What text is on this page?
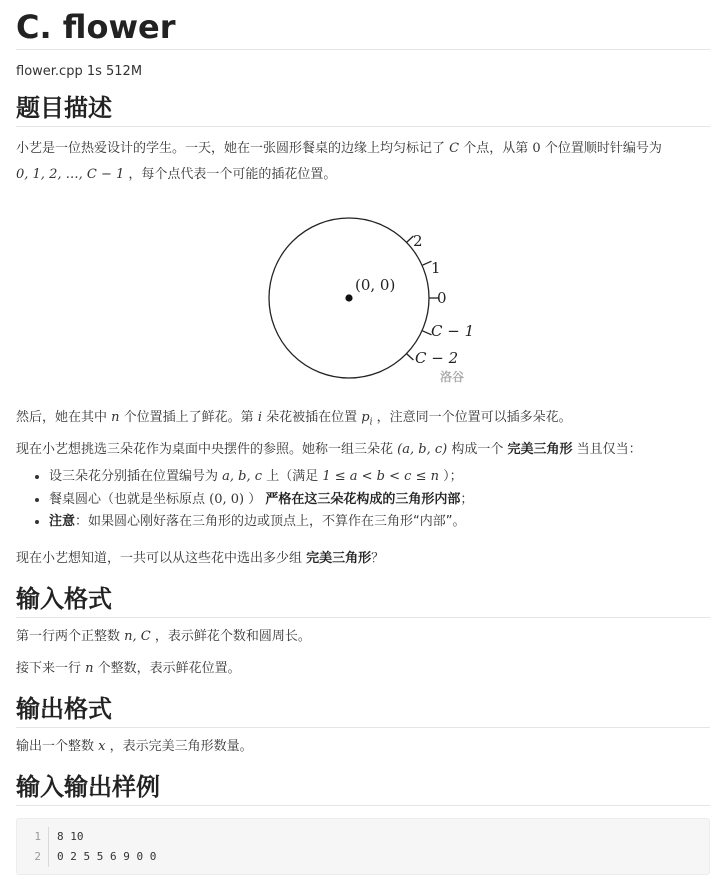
C. flower
flower.cpp 1s 512M
题目描述

小艺是一位热爱设计的学生。一天，她在一张圆形餐桌的边缘上均匀标记了 C 个点，从第 0 个位置顺时针编号为
0, 1, 2, …, C − 1 ，每个点代表一个可能的插花位置。

(0, 0)
2
1
0
C − 1
C − 2
洛谷

然后，她在其中 n 个位置插上了鲜花。第 i 朵花被插在位置 $p_i$ ，注意同一个位置可以插多朵花。

现在小艺想挑选三朵花作为桌面中央摆件的参照。她称一组三朵花 (a, b, c) 构成一个 完美三角形 当且仅当：

• 设三朵花分别插在位置编号为 a, b, c 上（满足 1 ≤ a < b < c ≤ n ）；
• 餐桌圆心（也就是坐标原点 (0, 0) ） 严格在这三朵花构成的三角形内部；
• 注意：如果圆心刚好落在三角形的边或顶点上，不算作在三角形“内部”。

现在小艺想知道，一共可以从这些花中选出多少组 完美三角形？

输入格式

第一行两个正整数 n, C ，表示鲜花个数和圆周长。

接下来一行 n 个整数，表示鲜花位置。

输出格式

输出一个整数 x ，表示完美三角形数量。

输入输出样例
1 8 10
2 0 2 5 5 6 9 0 0
